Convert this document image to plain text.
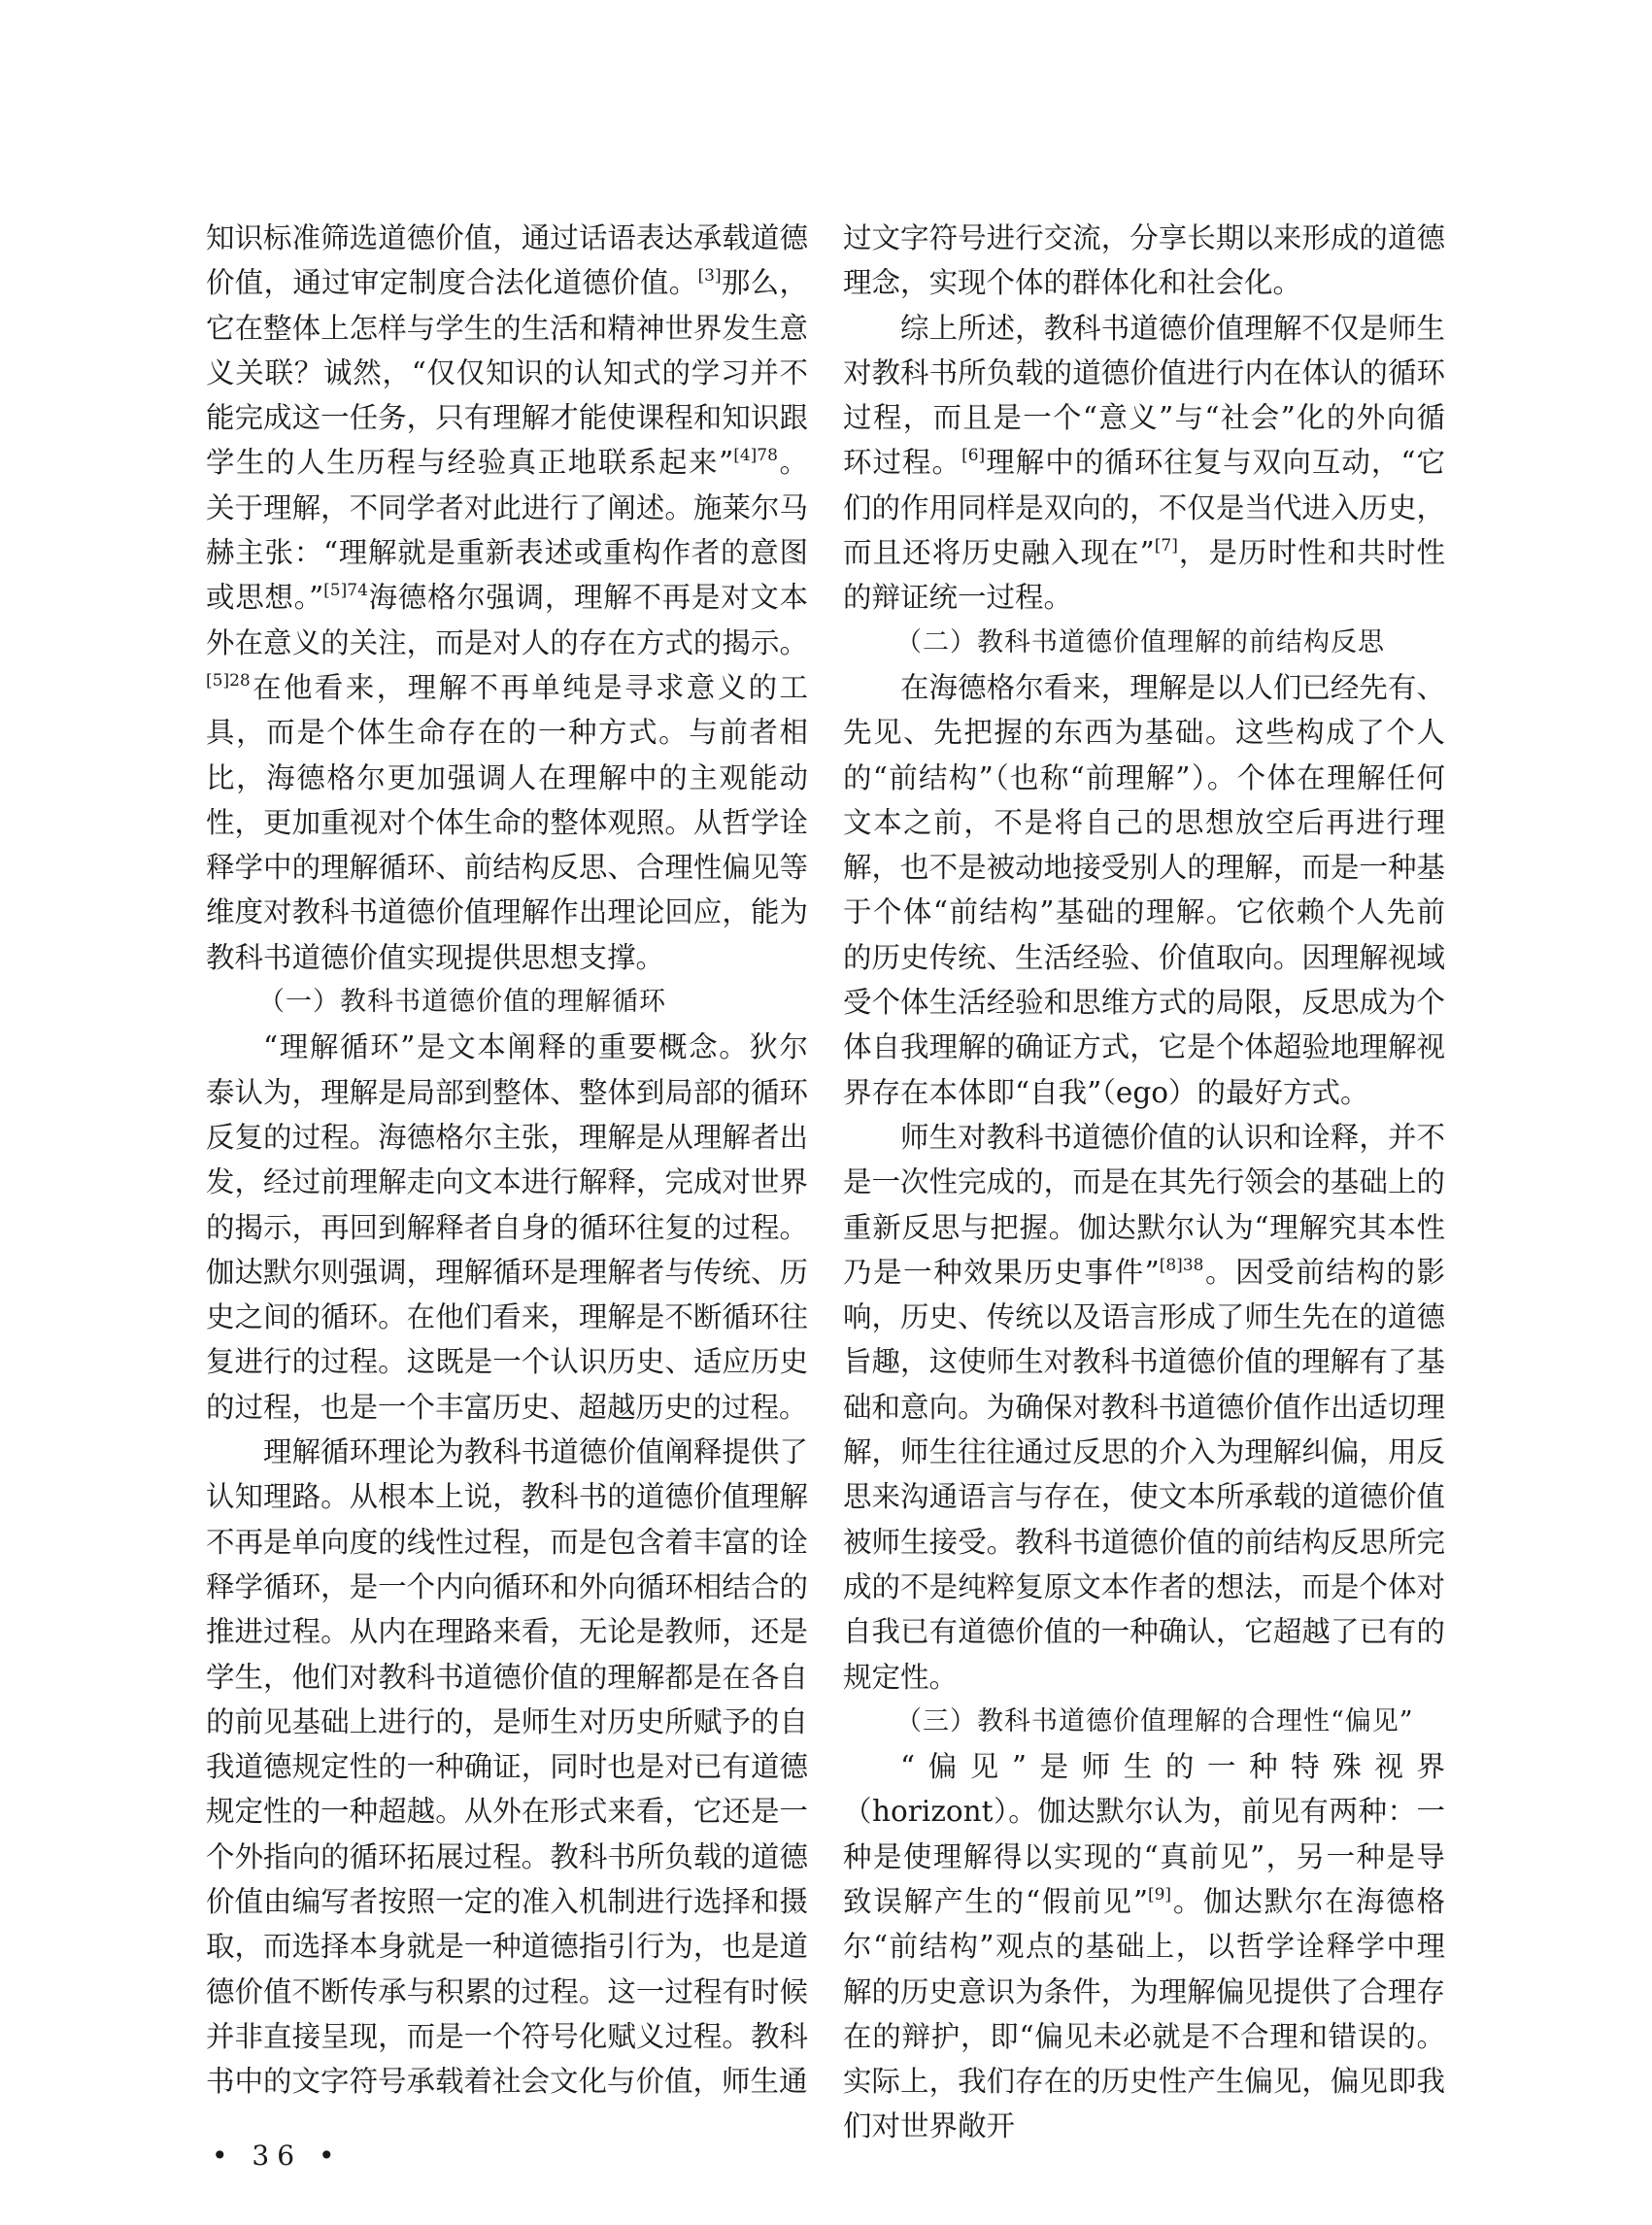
知识标准筛选道德价值，通过话语表达承载道德价值，通过审定制度合法化道德价值。[3]那么，它在整体上怎样与学生的生活和精神世界发生意义关联？诚然，“仅仅知识的认知式的学习并不能完成这一任务，只有理解才能使课程和知识跟学生的人生历程与经验真正地联系起来”$^{[4]78}$。关于理解，不同学者对此进行了阐述。施莱尔马赫主张：“理解就是重新表述或重构作者的意图或思想。”$^{[5]74}$海德格尔强调，理解不再是对文本外在意义的关注，而是对人的存在方式的揭示。$^{[5]28}$在他看来，理解不再单纯是寻求意义的工具，而是个体生命存在的一种方式。与前者相比，海德格尔更加强调人在理解中的主观能动性，更加重视对个体生命的整体观照。从哲学诠释学中的理解循环、前结构反思、合理性偏见等维度对教科书道德价值理解作出理论回应，能为教科书道德价值实现提供思想支撑。

（一）教科书道德价值的理解循环

“理解循环”是文本阐释的重要概念。狄尔泰认为，理解是局部到整体、整体到局部的循环反复的过程。海德格尔主张，理解是从理解者出发，经过前理解走向文本进行解释，完成对世界的揭示，再回到解释者自身的循环往复的过程。伽达默尔则强调，理解循环是理解者与传统、历史之间的循环。在他们看来，理解是不断循环往复进行的过程。这既是一个认识历史、适应历史的过程，也是一个丰富历史、超越历史的过程。

理解循环理论为教科书道德价值阐释提供了认知理路。从根本上说，教科书的道德价值理解不再是单向度的线性过程，而是包含着丰富的诠释学循环，是一个内向循环和外向循环相结合的推进过程。从内在理路来看，无论是教师，还是学生，他们对教科书道德价值的理解都是在各自的前见基础上进行的，是师生对历史所赋予的自我道德规定性的一种确证，同时也是对已有道德规定性的一种超越。从外在形式来看，它还是一个外指向的循环拓展过程。教科书所负载的道德价值由编写者按照一定的准入机制进行选择和摄取，而选择本身就是一种道德指引行为，也是道德价值不断传承与积累的过程。这一过程有时候并非直接呈现，而是一个符号化赋义过程。教科书中的文字符号承载着社会文化与价值，师生通

过文字符号进行交流，分享长期以来形成的道德理念，实现个体的群体化和社会化。

综上所述，教科书道德价值理解不仅是师生对教科书所负载的道德价值进行内在体认的循环过程，而且是一个“意义”与“社会”化的外向循环过程。[6]理解中的循环往复与双向互动，“它们的作用同样是双向的，不仅是当代进入历史，而且还将历史融入现在”[7]，是历时性和共时性的辩证统一过程。

（二）教科书道德价值理解的前结构反思

在海德格尔看来，理解是以人们已经先有、先见、先把握的东西为基础。这些构成了个人的“前结构”（也称“前理解”）。个体在理解任何文本之前，不是将自己的思想放空后再进行理解，也不是被动地接受别人的理解，而是一种基于个体“前结构”基础的理解。它依赖个人先前的历史传统、生活经验、价值取向。因理解视域受个体生活经验和思维方式的局限，反思成为个体自我理解的确证方式，它是个体超验地理解视界存在本体即“自我”（ego）的最好方式。

师生对教科书道德价值的认识和诠释，并不是一次性完成的，而是在其先行领会的基础上的重新反思与把握。伽达默尔认为“理解究其本性乃是一种效果历史事件”$^{[8]38}$。因受前结构的影响，历史、传统以及语言形成了师生先在的道德旨趣，这使师生对教科书道德价值的理解有了基础和意向。为确保对教科书道德价值作出适切理解，师生往往通过反思的介入为理解纠偏，用反思来沟通语言与存在，使文本所承载的道德价值被师生接受。教科书道德价值的前结构反思所完成的不是纯粹复原文本作者的想法，而是个体对自我已有道德价值的一种确认，它超越了已有的规定性。

（三）教科书道德价值理解的合理性“偏见”

“偏见”是师生的一种特殊视界（horizont）。伽达默尔认为，前见有两种：一种是使理解得以实现的“真前见”，另一种是导致误解产生的“假前见”[9]。伽达默尔在海德格尔“前结构”观点的基础上，以哲学诠释学中理解的历史意识为条件，为理解偏见提供了合理存在的辩护，即“偏见未必就是不合理和错误的。实际上，我们存在的历史性产生偏见，偏见即我们对世界敞开

• 36 •
